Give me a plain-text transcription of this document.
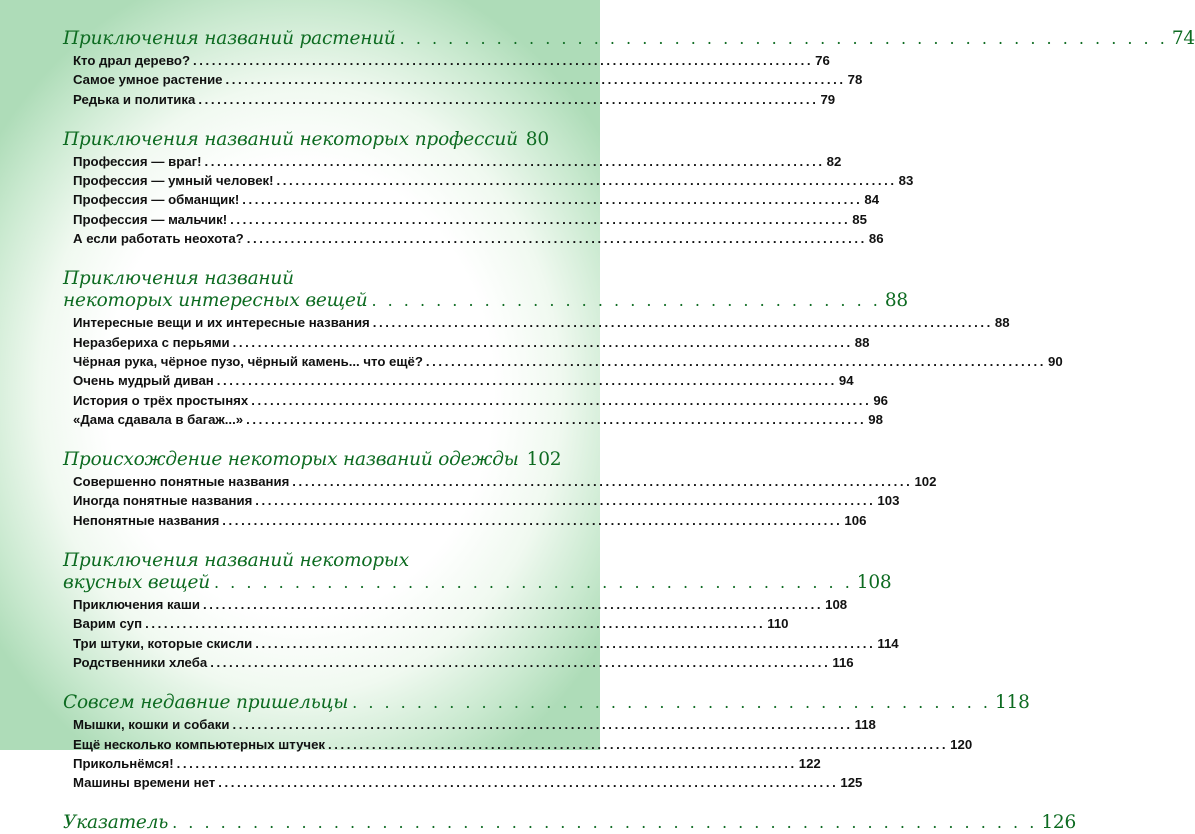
Приключения названий растений . . . . . . . . . . . . . . . . . . . . . . . . . . . . . . . . . . . . . . . . . . . . . . . . 74
Кто драл дерево? ................................................................................................... 76
Самое умное растение ................................................................................................... 78
Редька и политика ................................................................................................... 79
Приключения названий некоторых профессий 80
Профессия — враг! ................................................................................................... 82
Профессия — умный человек! ................................................................................................... 83
Профессия — обманщик! ................................................................................................... 84
Профессия — мальчик! ................................................................................................... 85
А если работать неохота? ................................................................................................... 86
Приключения названий
некоторых интересных вещей . . . . . . . . . . . . . . . . . . . . . . . . . . . . . . . . 88
Интересные вещи и их интересные названия ................................................................................................... 88
Неразбериха с перьями ................................................................................................... 88
Чёрная рука, чёрное пузо, чёрный камень... что ещё? ................................................................................................... 90
Очень мудрый диван ................................................................................................... 94
История о трёх простынях ................................................................................................... 96
«Дама сдавала в багаж...» ................................................................................................... 98
Происхождение некоторых названий одежды 102
Совершенно понятные названия ................................................................................................... 102
Иногда понятные названия ................................................................................................... 103
Непонятные названия ................................................................................................... 106
Приключения названий некоторых
вкусных вещей . . . . . . . . . . . . . . . . . . . . . . . . . . . . . . . . . . . . . . . . 108
Приключения каши ................................................................................................... 108
Варим суп ................................................................................................... 110
Три штуки, которые скисли ................................................................................................... 114
Родственники хлеба ................................................................................................... 116
Совсем недавние пришельцы . . . . . . . . . . . . . . . . . . . . . . . . . . . . . . . . . . . . . . . . 118
Мышки, кошки и собаки ................................................................................................... 118
Ещё несколько компьютерных штучек ................................................................................................... 120
Прикольнёмся! ................................................................................................... 122
Машины времени нет ................................................................................................... 125
Указатель . . . . . . . . . . . . . . . . . . . . . . . . . . . . . . . . . . . . . . . . . . . . . . . . . . . . . . 126
